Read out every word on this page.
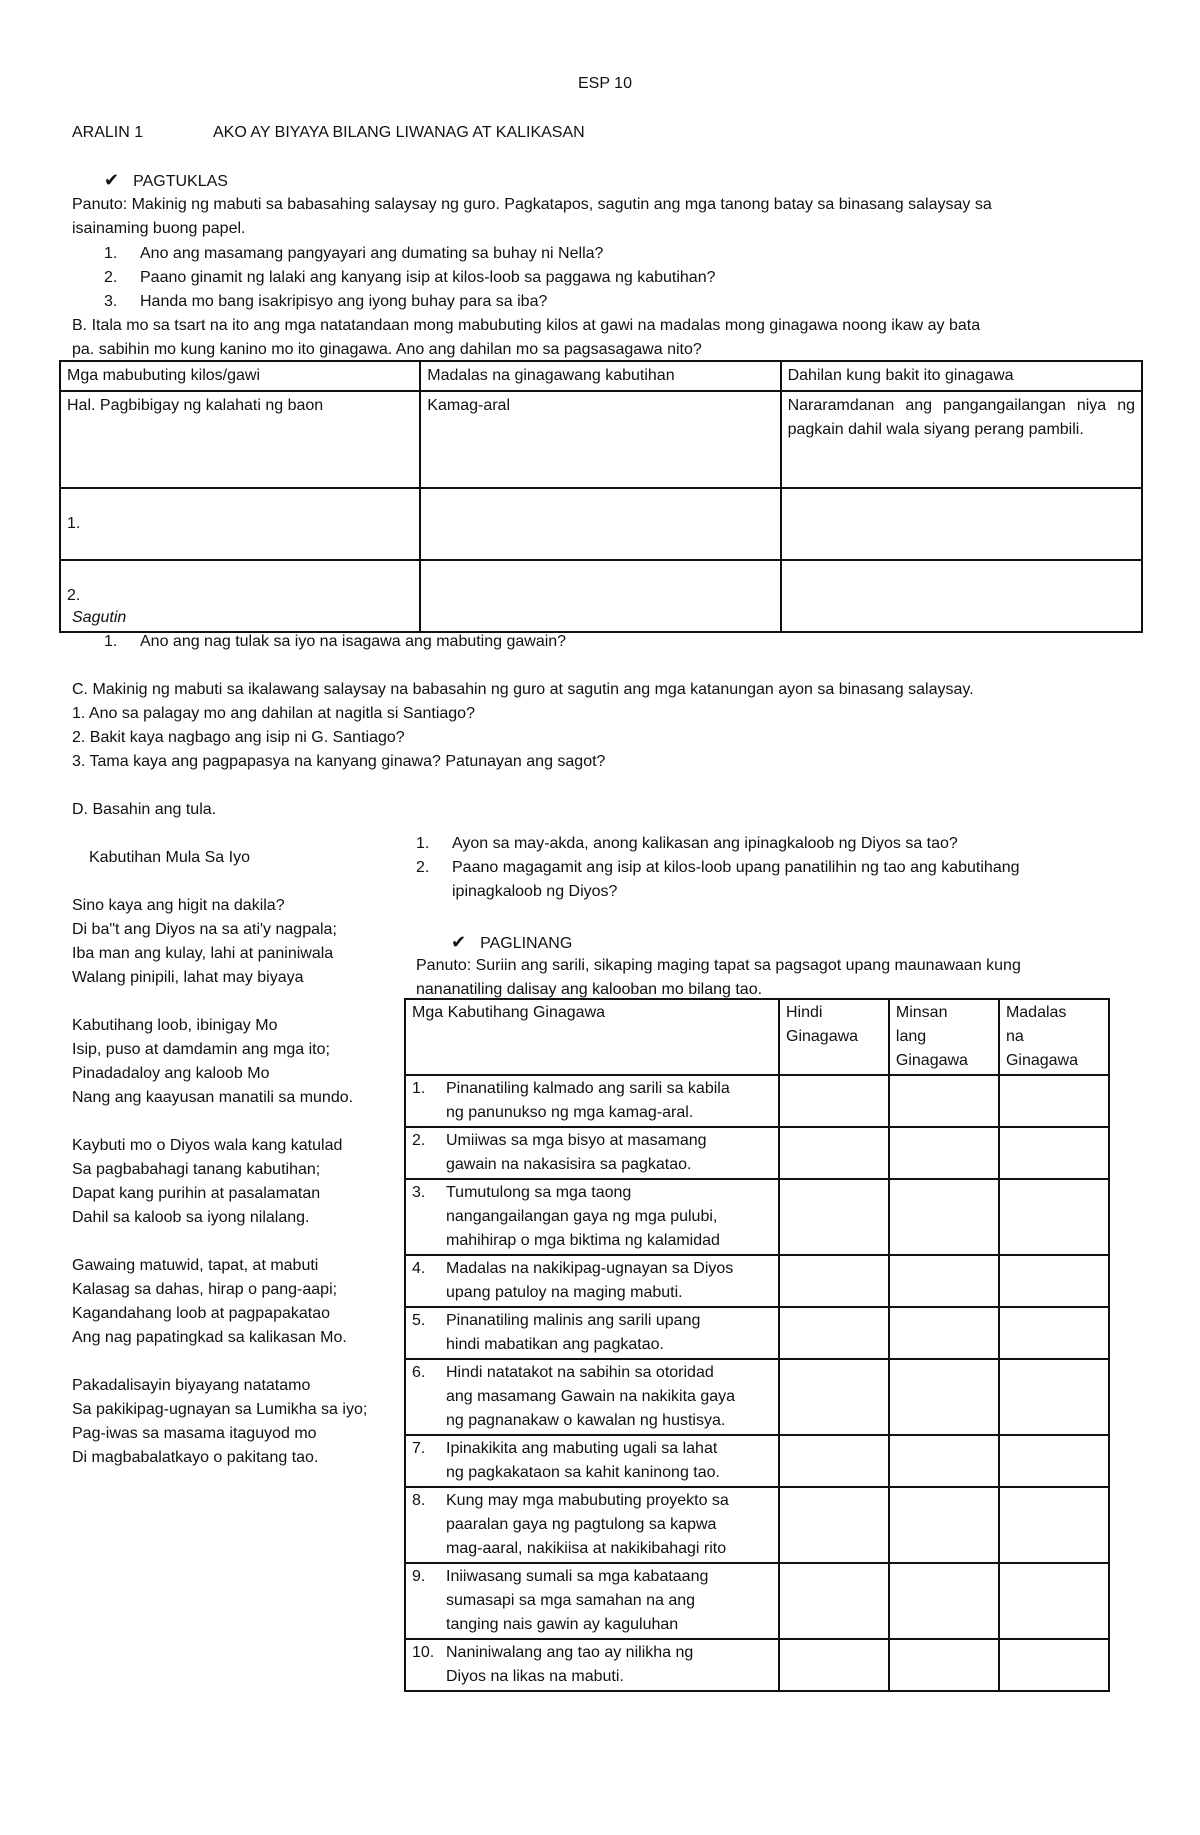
ESP 10
ARALIN 1	AKO AY BIYAYA BILANG LIWANAG AT KALIKASAN
✔ PAGTUKLAS
Panuto: Makinig ng mabuti sa babasahing salaysay ng guro. Pagkatapos, sagutin ang mga tanong batay sa binasang salaysay sa
isainaming buong papel.
1. Ano ang masamang pangyayari ang dumating sa buhay ni Nella?
2. Paano ginamit ng lalaki ang kanyang isip at kilos-loob sa paggawa ng kabutihan?
3. Handa mo bang isakripisyo ang iyong buhay para sa iba?
B. Itala mo sa tsart na ito ang mga natatandaan mong mabubuting kilos at gawi na madalas mong ginagawa noong ikaw ay bata
pa. sabihin mo kung kanino mo ito ginagawa. Ano ang dahilan mo sa pagsasagawa nito?
Mga mabubuting kilos/gawi	Madalas na ginagawang kabutihan	Dahilan kung bakit ito ginagawa
Hal. Pagbibigay ng kalahati ng baon	Kamag-aral	Nararamdanan ang pangangailangan niya ng pagkain dahil wala siyang perang pambili.
1.		
2.		
Sagutin
1. Ano ang nag tulak sa iyo na isagawa ang mabuting gawain?
C. Makinig ng mabuti sa ikalawang salaysay na babasahin ng guro at sagutin ang mga katanungan ayon sa binasang salaysay.
1. Ano sa palagay mo ang dahilan at nagitla si Santiago?
2. Bakit kaya nagbago ang isip ni G. Santiago?
3. Tama kaya ang pagpapasya na kanyang ginawa? Patunayan ang sagot?
D. Basahin ang tula.
Kabutihan Mula Sa Iyo
Sino kaya ang higit na dakila?
Di ba"t ang Diyos na sa ati'y nagpala;
Iba man ang kulay, lahi at paniniwala
Walang pinipili, lahat may biyaya
Kabutihang loob, ibinigay Mo
Isip, puso at damdamin ang mga ito;
Pinadadaloy ang kaloob Mo
Nang ang kaayusan manatili sa mundo.
Kaybuti mo o Diyos wala kang katulad
Sa pagbabahagi tanang kabutihan;
Dapat kang purihin at pasalamatan
Dahil sa kaloob sa iyong nilalang.
Gawaing matuwid, tapat, at mabuti
Kalasag sa dahas, hirap o pang-aapi;
Kagandahang loob at pagpapakatao
Ang nag papatingkad sa kalikasan Mo.
Pakadalisayin biyayang natatamo
Sa pakikipag-ugnayan sa Lumikha sa iyo;
Pag-iwas sa masama itaguyod mo
Di magbabalatkayo o pakitang tao.
1. Ayon sa may-akda, anong kalikasan ang ipinagkaloob ng Diyos sa tao?
2. Paano magagamit ang isip at kilos-loob upang panatilihin ng tao ang kabutihang
ipinagkaloob ng Diyos?
✔ PAGLINANG
Panuto: Suriin ang sarili, sikaping maging tapat sa pagsagot upang maunawaan kung
nananatiling dalisay ang kalooban mo bilang tao.
Mga Kabutihang Ginagawa	Hindi Ginagawa	Minsan lang Ginagawa	Madalas na Ginagawa

1. Pinanatiling kalmado ang sarili sa kabila
ng panunukso ng mga kamag-aral.			

2. Umiiwas sa mga bisyo at masamang
gawain na nakasisira sa pagkatao.			

3. Tumutulong sa mga taong
nangangailangan gaya ng mga pulubi,
mahihirap o mga biktima ng kalamidad			

4. Madalas na nakikipag-ugnayan sa Diyos
upang patuloy na maging mabuti.			

5. Pinanatiling malinis ang sarili upang
hindi mabatikan ang pagkatao.			

6. Hindi natatakot na sabihin sa otoridad
ang masamang Gawain na nakikita gaya
ng pagnanakaw o kawalan ng hustisya.			

7. Ipinakikita ang mabuting ugali sa lahat
ng pagkakataon sa kahit kaninong tao.			

8. Kung may mga mabubuting proyekto sa
paaralan gaya ng pagtulong sa kapwa
mag-aaral, nakikiisa at nakikibahagi rito			

9. Iniiwasang sumali sa mga kabataang
sumasapi sa mga samahan na ang
tanging nais gawin ay kaguluhan			

10. Naniniwalang ang tao ay nilikha ng
Diyos na likas na mabuti.			
